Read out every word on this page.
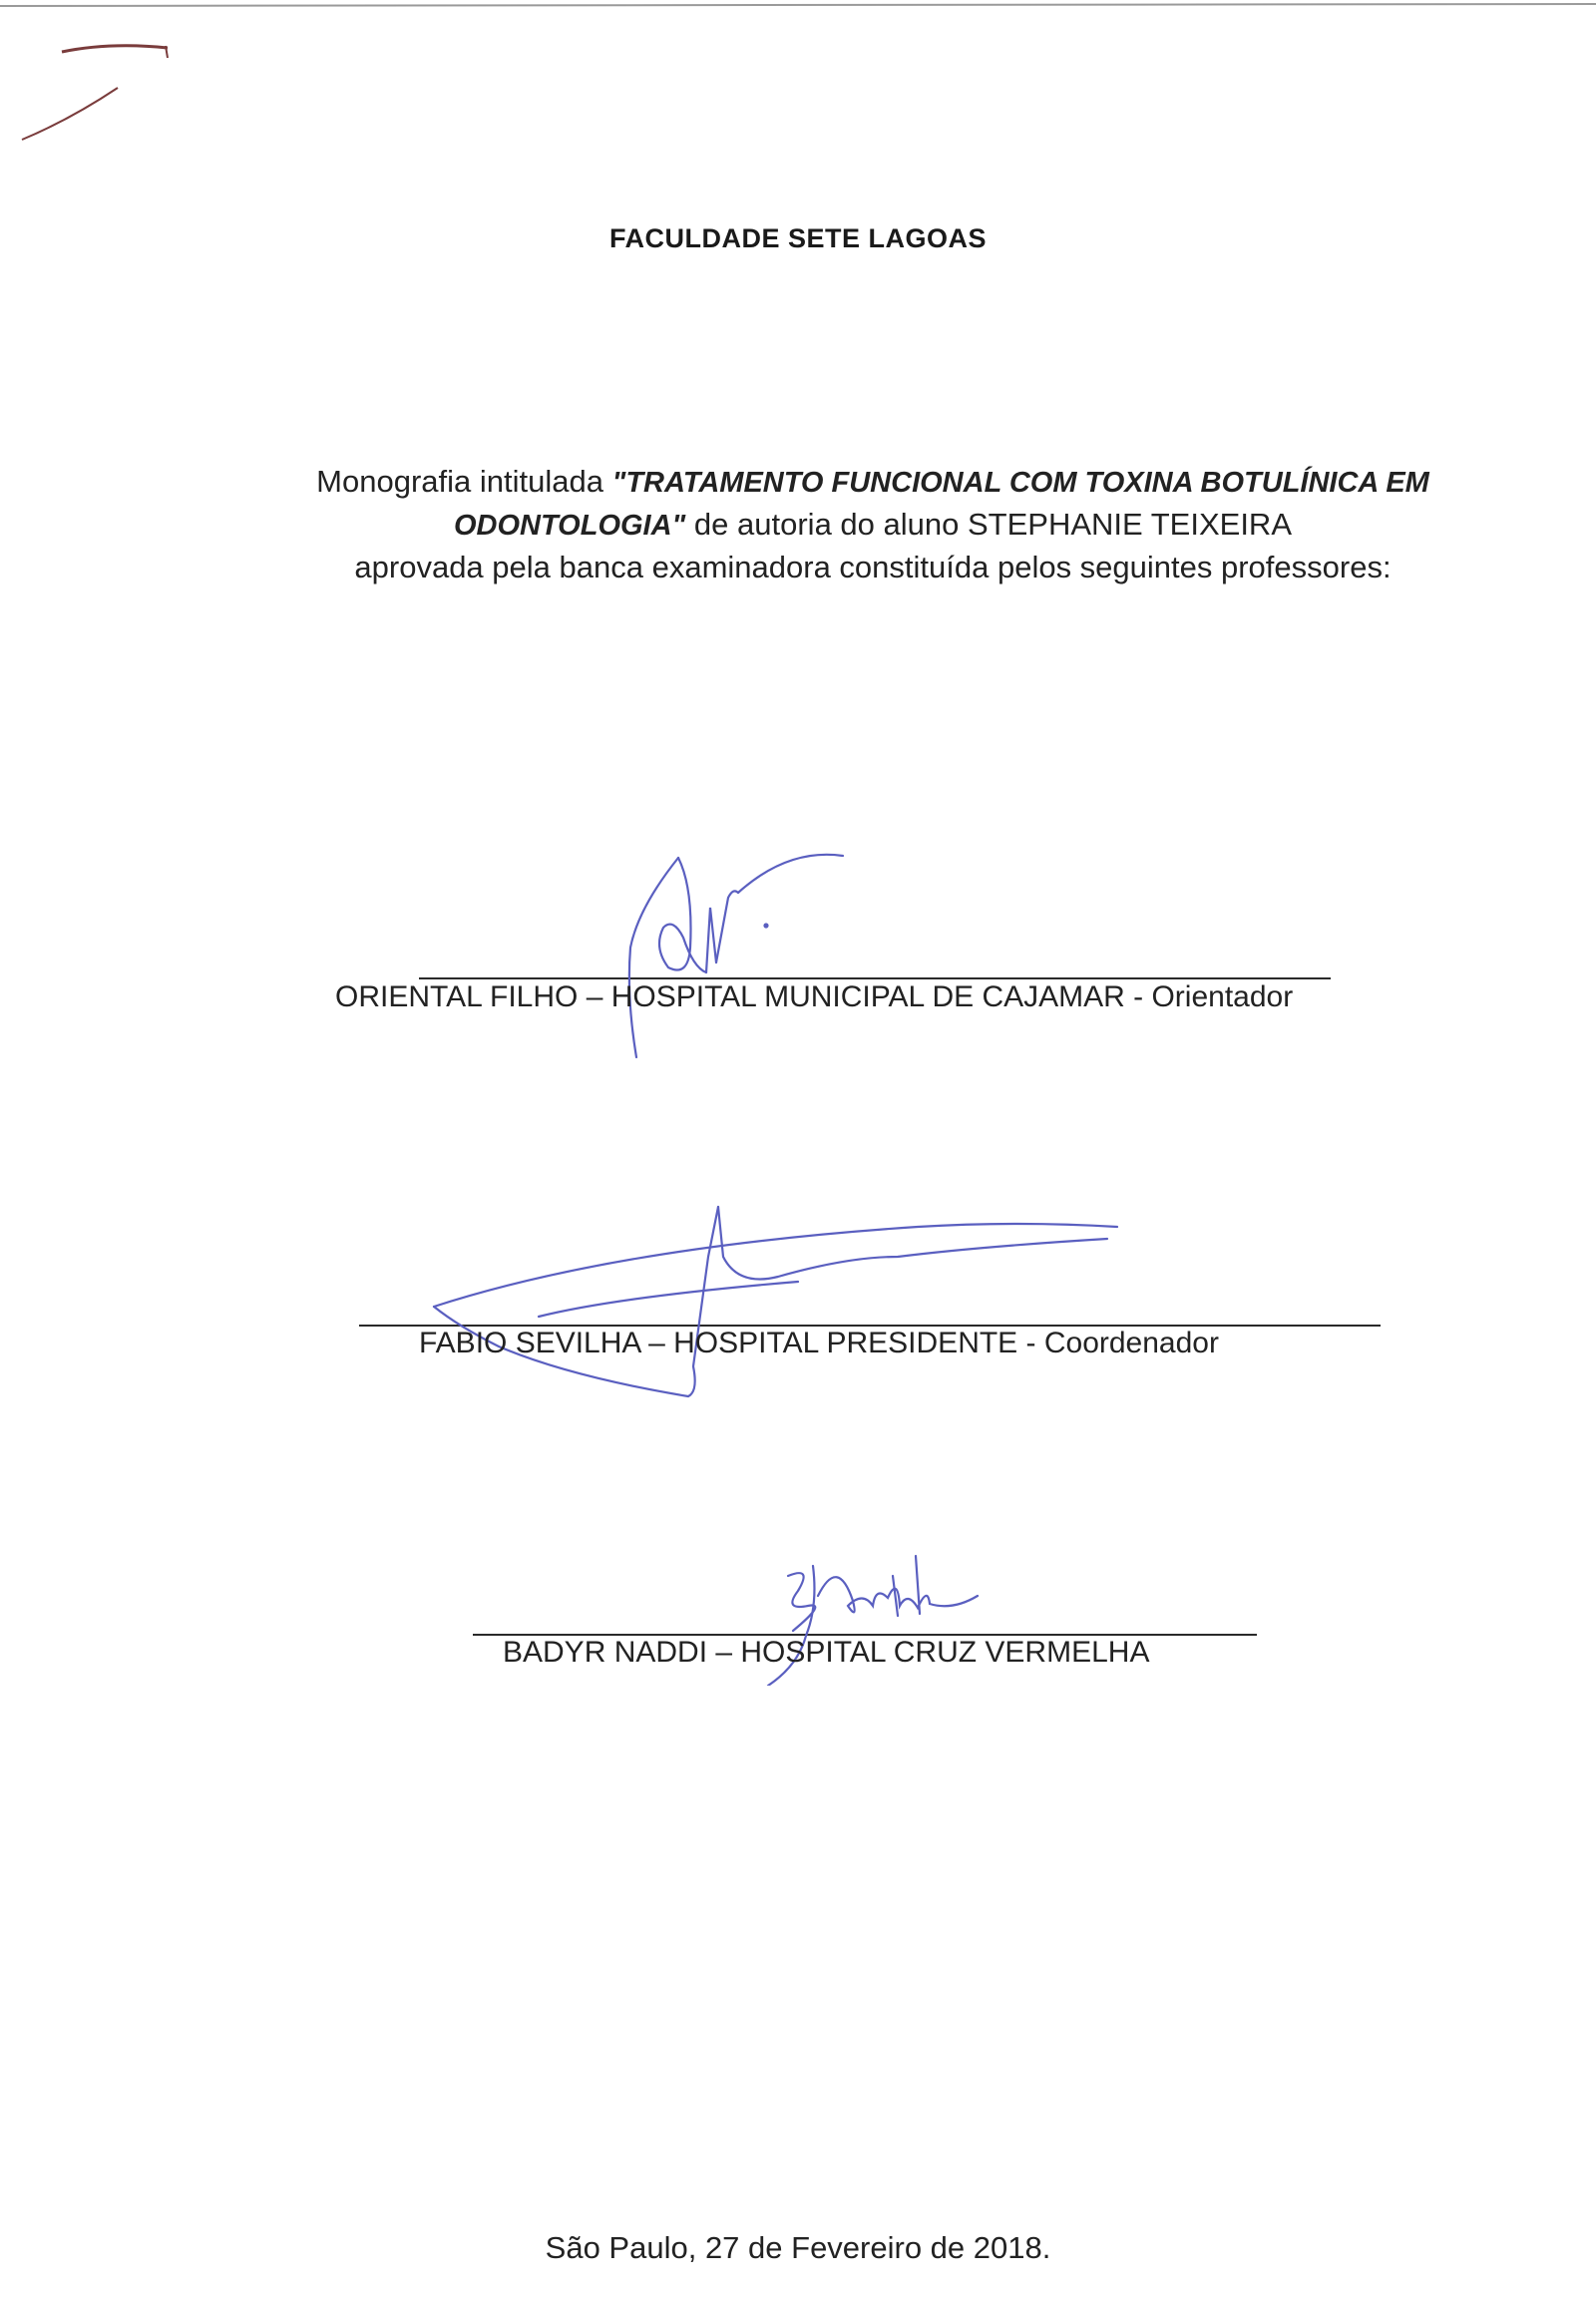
FACULDADE SETE LAGOAS
Monografia intitulada "TRATAMENTO FUNCIONAL COM TOXINA BOTULÍNICA EM ODONTOLOGIA" de autoria do aluno STEPHANIE TEIXEIRA
aprovada pela banca examinadora constituída pelos seguintes professores:
ORIENTAL FILHO – HOSPITAL MUNICIPAL DE CAJAMAR - Orientador
FABIO SEVILHA – HOSPITAL PRESIDENTE - Coordenador
BADYR NADDI – HOSPITAL CRUZ VERMELHA
São Paulo, 27 de Fevereiro de 2018.
